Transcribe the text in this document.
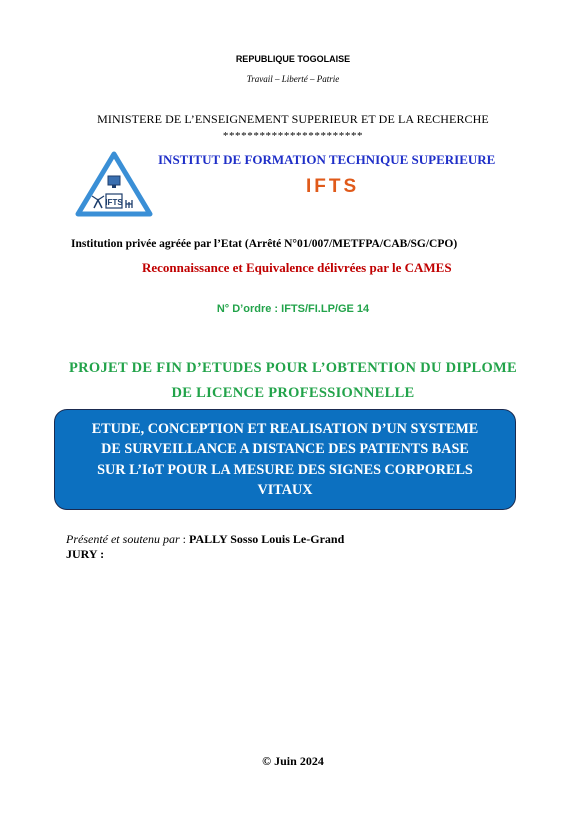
REPUBLIQUE TOGOLAISE
Travail – Liberté – Patrie
MINISTERE DE L’ENSEIGNEMENT SUPERIEUR ET DE LA RECHERCHE
***********************
IFTS
INSTITUT DE FORMATION TECHNIQUE SUPERIEURE
IFTS
Institution privée agréée par l’Etat (Arrêté N°01/007/METFPA/CAB/SG/CPO)
Reconnaissance et Equivalence délivrées par le CAMES
N° D’ordre : IFTS/FI.LP/GE 14
PROJET DE FIN D’ETUDES POUR L’OBTENTION DU DIPLOME
DE LICENCE PROFESSIONNELLE
ETUDE, CONCEPTION ET REALISATION D’UN SYSTEME
DE SURVEILLANCE A DISTANCE DES PATIENTS BASE
SUR L’IoT POUR LA MESURE DES SIGNES CORPORELS
VITAUX
Présenté et soutenu par : PALLY Sosso Louis Le-Grand
JURY :
© Juin 2024
